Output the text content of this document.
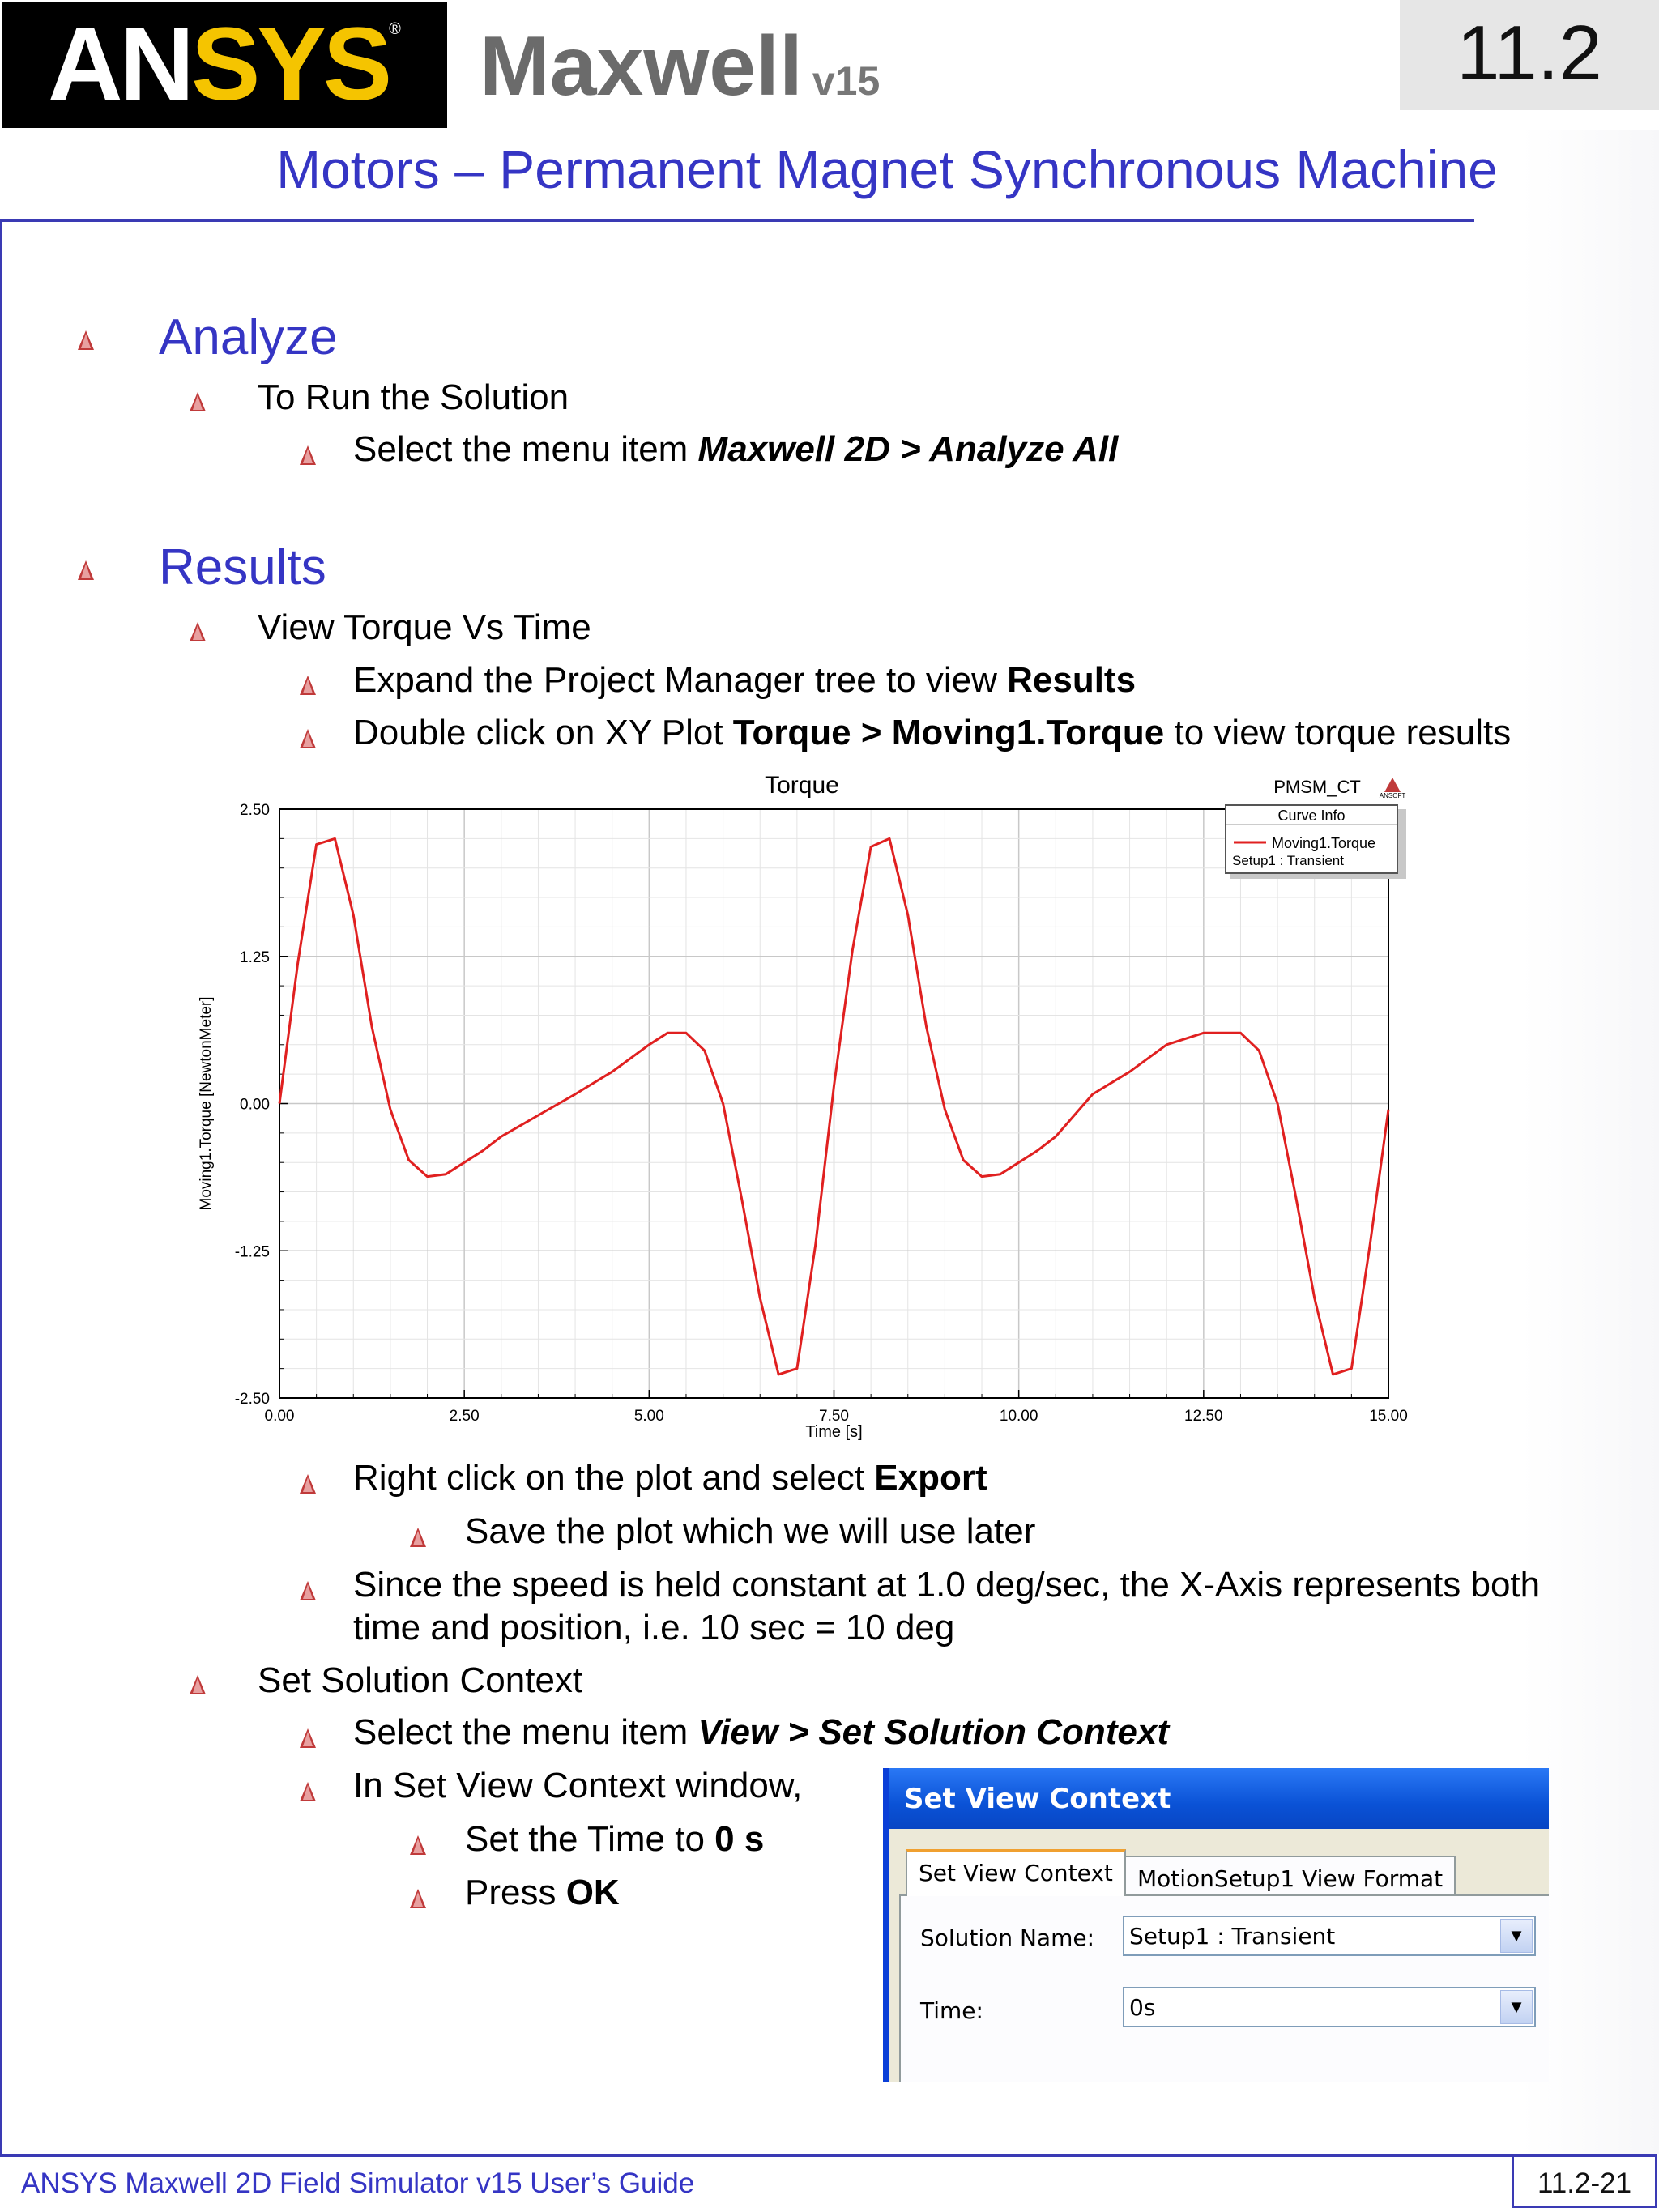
ANSYS ® Maxwell v15	11.2
Motors – Permanent Magnet Synchronous Machine
Analyze
To Run the Solution
Select the menu item Maxwell 2D > Analyze All
Results
View Torque Vs Time
Expand the Project Manager tree to view Results
Double click on XY Plot Torque > Moving1.Torque to view torque results
0.00	2.50	5.00	7.50	10.00	12.50	15.00
2.50
1.25
0.00
-1.25
-2.50
Torque	PMSM_CT	ANSOFT
Time [s]
Moving1.Torque [NewtonMeter]
Curve Info
Moving1.Torque
Setup1 : Transient
Right click on the plot and select Export
Save the plot which we will use later
Since the speed is held constant at 1.0 deg/sec, the X-Axis represents both
time and position, i.e. 10 sec = 10 deg
Set Solution Context
Select the menu item View > Set Solution Context
In Set View Context window,
Set the Time to 0 s
Press OK
Set View Context
Set View Context	MotionSetup1 View Format
Solution Name: Setup1 : Transient	▼
Time:	0s	▼
ANSYS Maxwell 2D Field Simulator v15 User’s Guide	11.2-21
